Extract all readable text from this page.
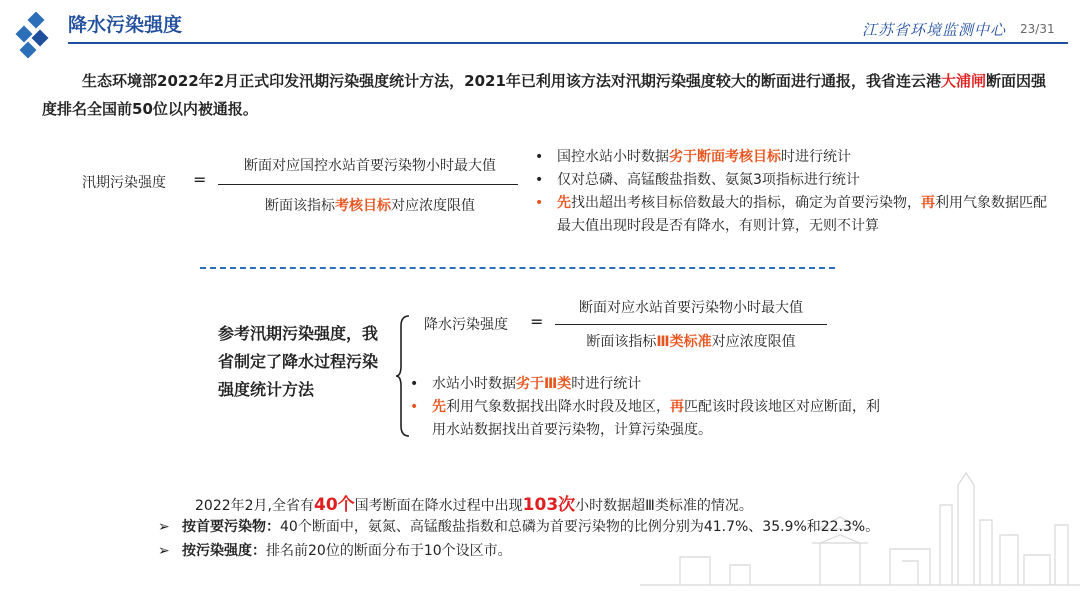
降水污染强度	江苏省环境监测中心 23/31
生态环境部2022年2月正式印发汛期污染强度统计方法，2021年已利用该方法对汛期污染强度较大的断面进行通报，我省连云港大浦闸断面因强度排名全国前50位以内被通报。
汛期污染强度 =
断面对应国控水站首要污染物小时最大值
断面该指标考核目标对应浓度限值
• 国控水站小时数据劣于断面考核目标时进行统计
• 仅对总磷、高锰酸盐指数、氨氮3项指标进行统计
• 先找出超出考核目标倍数最大的指标，确定为首要污染物，再利用气象数据匹配最大值出现时段是否有降水，有则计算，无则不计算
参考汛期污染强度，我省制定了降水过程污染强度统计方法
降水污染强度 =
断面对应水站首要污染物小时最大值
断面该指标Ⅲ类标准对应浓度限值
• 水站小时数据劣于Ⅲ类时进行统计
• 先利用气象数据找出降水时段及地区，再匹配该时段该地区对应断面，利用水站数据找出首要污染物，计算污染强度。
2022年2月,全省有40个国考断面在降水过程中出现103次小时数据超Ⅲ类标准的情况。
➢ 按首要污染物：40个断面中，氨氮、高锰酸盐指数和总磷为首要污染物的比例分别为41.7%、35.9%和22.3%。
➢ 按污染强度：排名前20位的断面分布于10个设区市。
